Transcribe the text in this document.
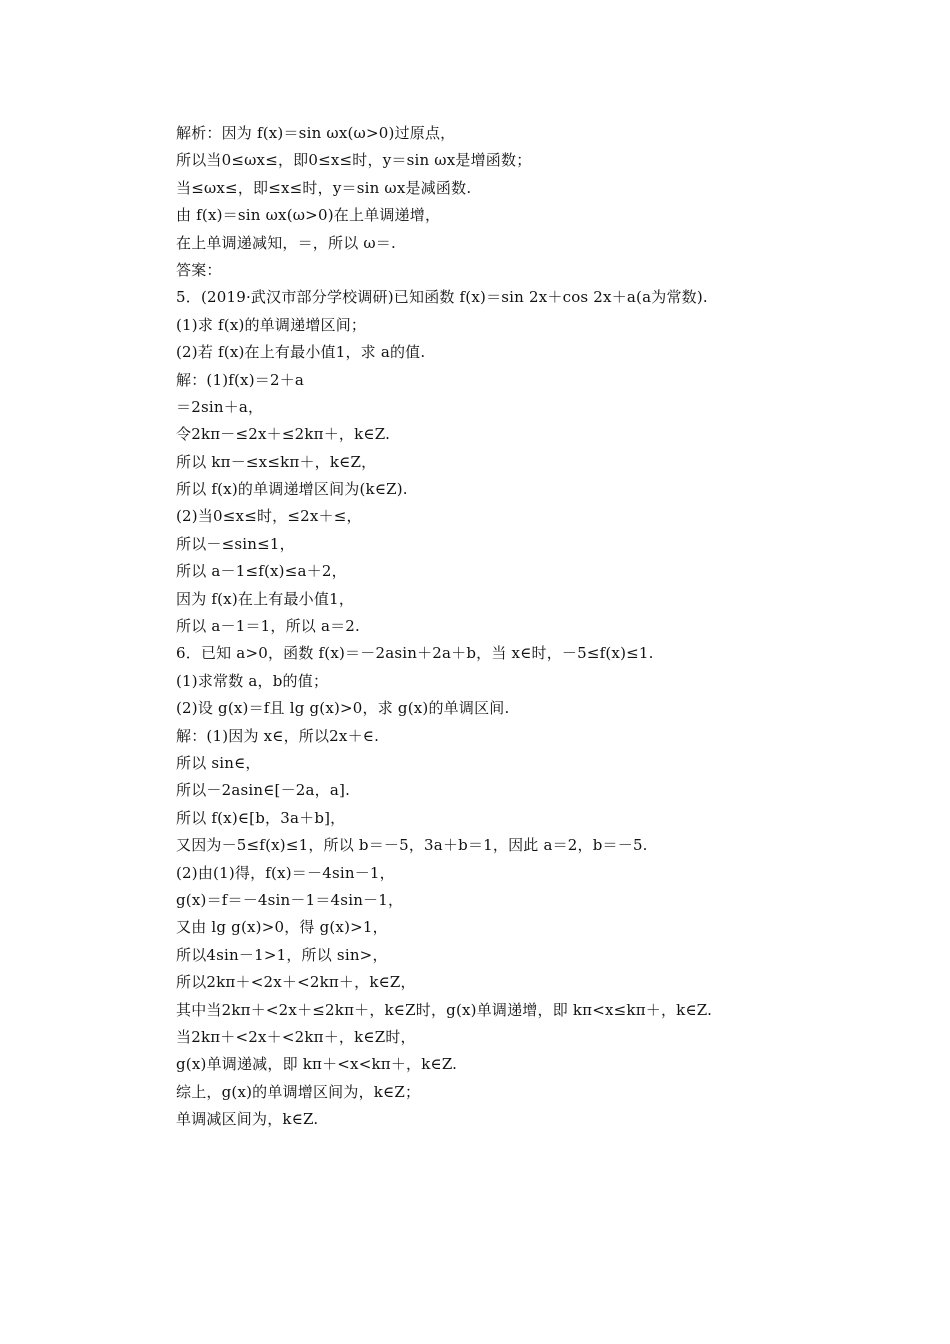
解析：因为 f(x)＝sin ωx(ω>0)过原点，
所以当0≤ωx≤，即0≤x≤时，y＝sin ωx是增函数；
当≤ωx≤，即≤x≤时，y＝sin ωx是减函数.
由 f(x)＝sin ωx(ω>0)在上单调递增，
在上单调递减知，＝，所以 ω＝.
答案：
5．(2019·武汉市部分学校调研)已知函数 f(x)＝sin 2x＋cos 2x＋a(a为常数).
(1)求 f(x)的单调递增区间；
(2)若 f(x)在上有最小值1，求 a的值.
解：(1)f(x)＝2＋a
＝2sin＋a，
令2kπ－≤2x＋≤2kπ＋，k∈Z.
所以 kπ－≤x≤kπ＋，k∈Z，
所以 f(x)的单调递增区间为(k∈Z).
(2)当0≤x≤时，≤2x＋≤，
所以－≤sin≤1，
所以 a－1≤f(x)≤a＋2，
因为 f(x)在上有最小值1，
所以 a－1＝1，所以 a＝2.
6．已知 a>0，函数 f(x)＝－2asin＋2a＋b，当 x∈时，－5≤f(x)≤1.
(1)求常数 a，b的值；
(2)设 g(x)＝f且 lg g(x)>0，求 g(x)的单调区间.
解：(1)因为 x∈，所以2x＋∈.
所以 sin∈，
所以－2asin∈[－2a，a].
所以 f(x)∈[b，3a＋b]，
又因为－5≤f(x)≤1，所以 b＝－5，3a＋b＝1，因此 a＝2，b＝－5.
(2)由(1)得，f(x)＝－4sin－1，
g(x)＝f＝－4sin－1＝4sin－1，
又由 lg g(x)>0，得 g(x)>1，
所以4sin－1>1，所以 sin>，
所以2kπ＋<2x＋<2kπ＋，k∈Z，
其中当2kπ＋<2x＋≤2kπ＋，k∈Z时，g(x)单调递增，即 kπ<x≤kπ＋，k∈Z.
当2kπ＋<2x＋<2kπ＋，k∈Z时，
g(x)单调递减，即 kπ＋<x<kπ＋，k∈Z.
综上，g(x)的单调增区间为，k∈Z；
单调减区间为，k∈Z.
